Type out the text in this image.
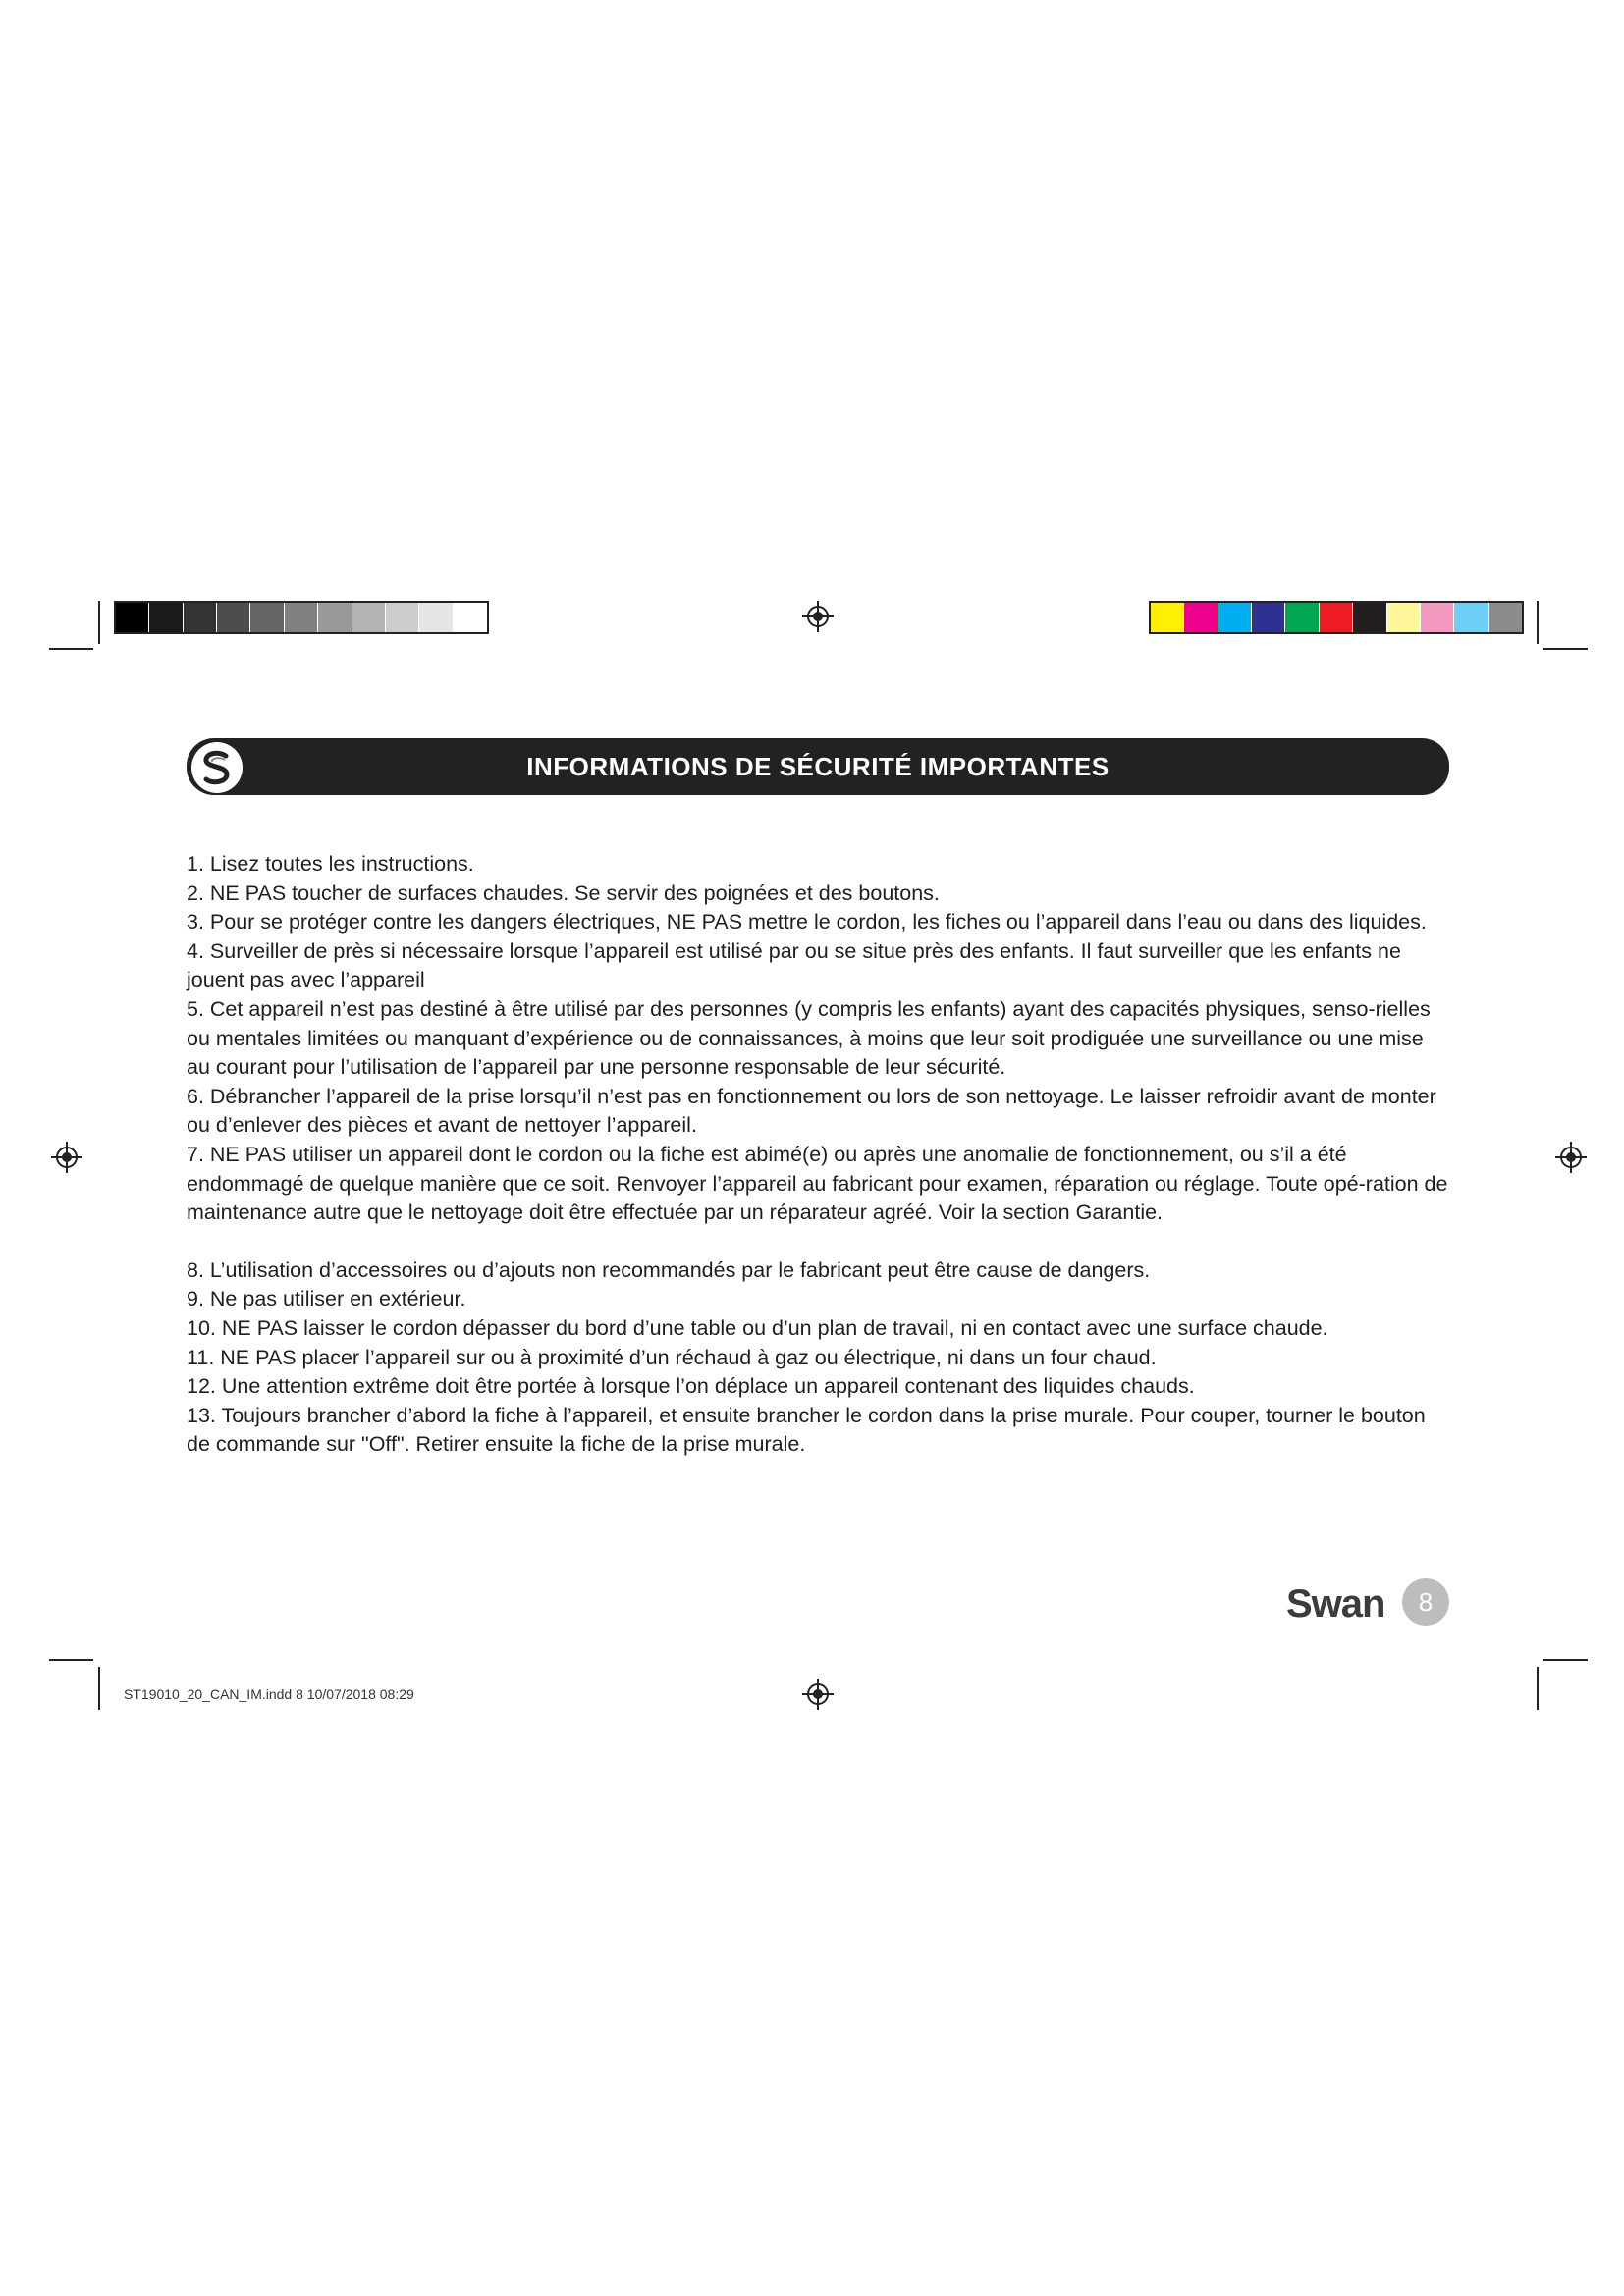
INFORMATIONS DE SÉCURITÉ IMPORTANTES

1. Lisez toutes les instructions.

2. NE PAS toucher de surfaces chaudes. Se servir des poignées et des boutons.

3. Pour se protéger contre les dangers électriques, NE PAS mettre le cordon, les fiches ou l’appareil dans l’eau ou dans des liquides.

4. Surveiller de près si nécessaire lorsque l’appareil est utilisé par ou se situe près des enfants. Il faut surveiller que les enfants ne jouent pas avec l’appareil

5. Cet appareil n’est pas destiné à être utilisé par des personnes (y compris les enfants) ayant des capacités physiques, senso-rielles ou mentales limitées ou manquant d’expérience ou de connaissances, à moins que leur soit prodiguée une surveillance ou une mise au courant pour l’utilisation de l’appareil par une personne responsable de leur sécurité.

6. Débrancher l’appareil de la prise lorsqu’il n’est pas en fonctionnement ou lors de son nettoyage. Le laisser refroidir avant de monter ou d’enlever des pièces et avant de nettoyer l’appareil.

7. NE PAS utiliser un appareil dont le cordon ou la fiche est abimé(e) ou après une anomalie de fonctionnement, ou s’il a été endommagé de quelque manière que ce soit. Renvoyer l’appareil au fabricant pour examen, réparation ou réglage. Toute opé-ration de maintenance autre que le nettoyage doit être effectuée par un réparateur agréé. Voir la section Garantie.

8. L’utilisation d’accessoires ou d’ajouts non recommandés par le fabricant peut être cause de dangers.

9. Ne pas utiliser en extérieur.

10. NE PAS laisser le cordon dépasser du bord d’une table ou d’un plan de travail, ni en contact avec une surface chaude.

11. NE PAS placer l’appareil sur ou à proximité d’un réchaud à gaz ou électrique, ni dans un four chaud.

12. Une attention extrême doit être portée à lorsque l’on déplace un appareil contenant des liquides chauds.

13. Toujours brancher d’abord la fiche à l’appareil, et ensuite brancher le cordon dans la prise murale. Pour couper, tourner le bouton de commande sur "Off". Retirer ensuite la fiche de la prise murale.

Swan	8
ST19010_20_CAN_IM.indd 8 10/07/2018 08:29
